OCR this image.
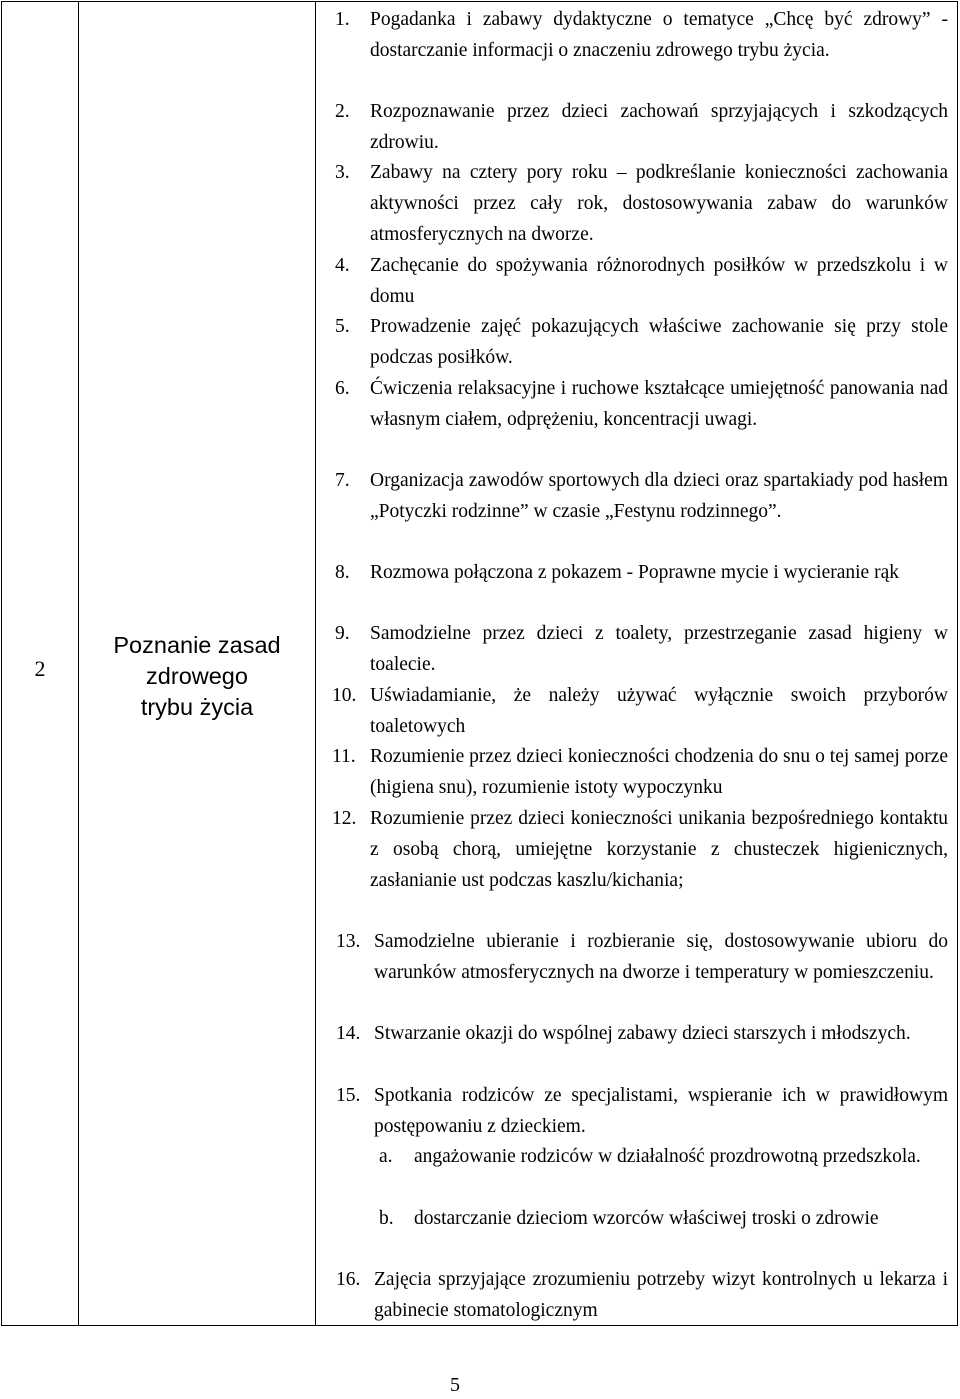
2
Poznanie zasad
zdrowego
trybu życia
1. Pogadanka i zabawy dydaktyczne o tematyce „Chcę być zdrowy” - dostarczanie informacji o znaczeniu zdrowego trybu życia.
2. Rozpoznawanie przez dzieci zachowań sprzyjających i szkodzących zdrowiu.
3. Zabawy na cztery pory roku – podkreślanie konieczności zachowania aktywności przez cały rok, dostosowywania zabaw do warunków atmosferycznych na dworze.
4. Zachęcanie do spożywania różnorodnych posiłków w przedszkolu i w domu
5. Prowadzenie zajęć pokazujących właściwe zachowanie się przy stole podczas posiłków.
6. Ćwiczenia relaksacyjne i ruchowe kształcące umiejętność panowania nad własnym ciałem, odprężeniu, koncentracji uwagi.
7. Organizacja zawodów sportowych dla dzieci oraz spartakiady pod hasłem „Potyczki rodzinne” w czasie „Festynu rodzinnego”.
8. Rozmowa połączona z pokazem - Poprawne mycie i wycieranie rąk
9. Samodzielne przez dzieci z toalety, przestrzeganie zasad higieny w toalecie.
10. Uświadamianie, że należy używać wyłącznie swoich przyborów toaletowych
11. Rozumienie przez dzieci konieczności chodzenia do snu o tej samej porze (higiena snu), rozumienie istoty wypoczynku
12. Rozumienie przez dzieci konieczności unikania bezpośredniego kontaktu z osobą chorą, umiejętne korzystanie z chusteczek higienicznych, zasłanianie ust podczas kaszlu/kichania;
13. Samodzielne ubieranie i rozbieranie się, dostosowywanie ubioru do warunków atmosferycznych na dworze i temperatury w pomieszczeniu.
14. Stwarzanie okazji do wspólnej zabawy dzieci starszych i młodszych.
15. Spotkania rodziców ze specjalistami, wspieranie ich w prawidłowym postępowaniu z dzieckiem.
a. angażowanie rodziców w działalność prozdrowotną przedszkola.
b. dostarczanie dzieciom wzorców właściwej troski o zdrowie
16. Zajęcia sprzyjające zrozumieniu potrzeby wizyt kontrolnych u lekarza i gabinecie stomatologicznym
5
